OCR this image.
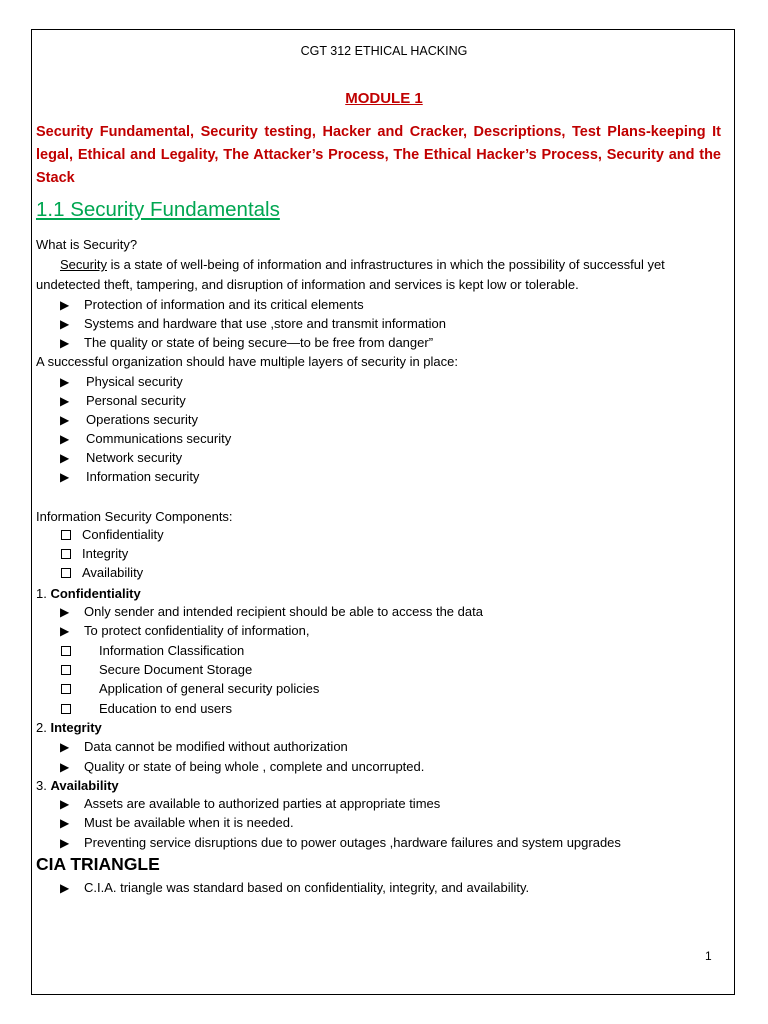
CGT 312 ETHICAL HACKING
MODULE 1
Security Fundamental, Security testing, Hacker and Cracker, Descriptions, Test Plans-keeping It legal, Ethical and Legality, The Attacker’s Process, The Ethical Hacker’s Process, Security and the Stack
1.1 Security Fundamentals
What is Security?
Security is a state of well-being of information and infrastructures in which the possibility of successful yet
undetected theft, tampering, and disruption of information and services is kept low or tolerable.
▶ Protection of information and its critical elements
▶ Systems and hardware that use ,store and transmit information
▶ The quality or state of being secure—to be free from danger”
A successful organization should have multiple layers of security in place:
▶ Physical security
▶ Personal security
▶ Operations security
▶ Communications security
▶ Network security
▶ Information security
Information Security Components:
Confidentiality
Integrity
Availability
1. Confidentiality
▶ Only sender and intended recipient should be able to access the data
▶ To protect confidentiality of information,
Information Classification
Secure Document Storage
Application of general security policies
Education to end users
2. Integrity
▶ Data cannot be modified without authorization
▶ Quality or state of being whole , complete and uncorrupted.
3. Availability
▶ Assets are available to authorized parties at appropriate times
▶ Must be available when it is needed.
▶ Preventing service disruptions due to power outages ,hardware failures and system upgrades
CIA TRIANGLE
▶ C.I.A. triangle was standard based on confidentiality, integrity, and availability.
1
